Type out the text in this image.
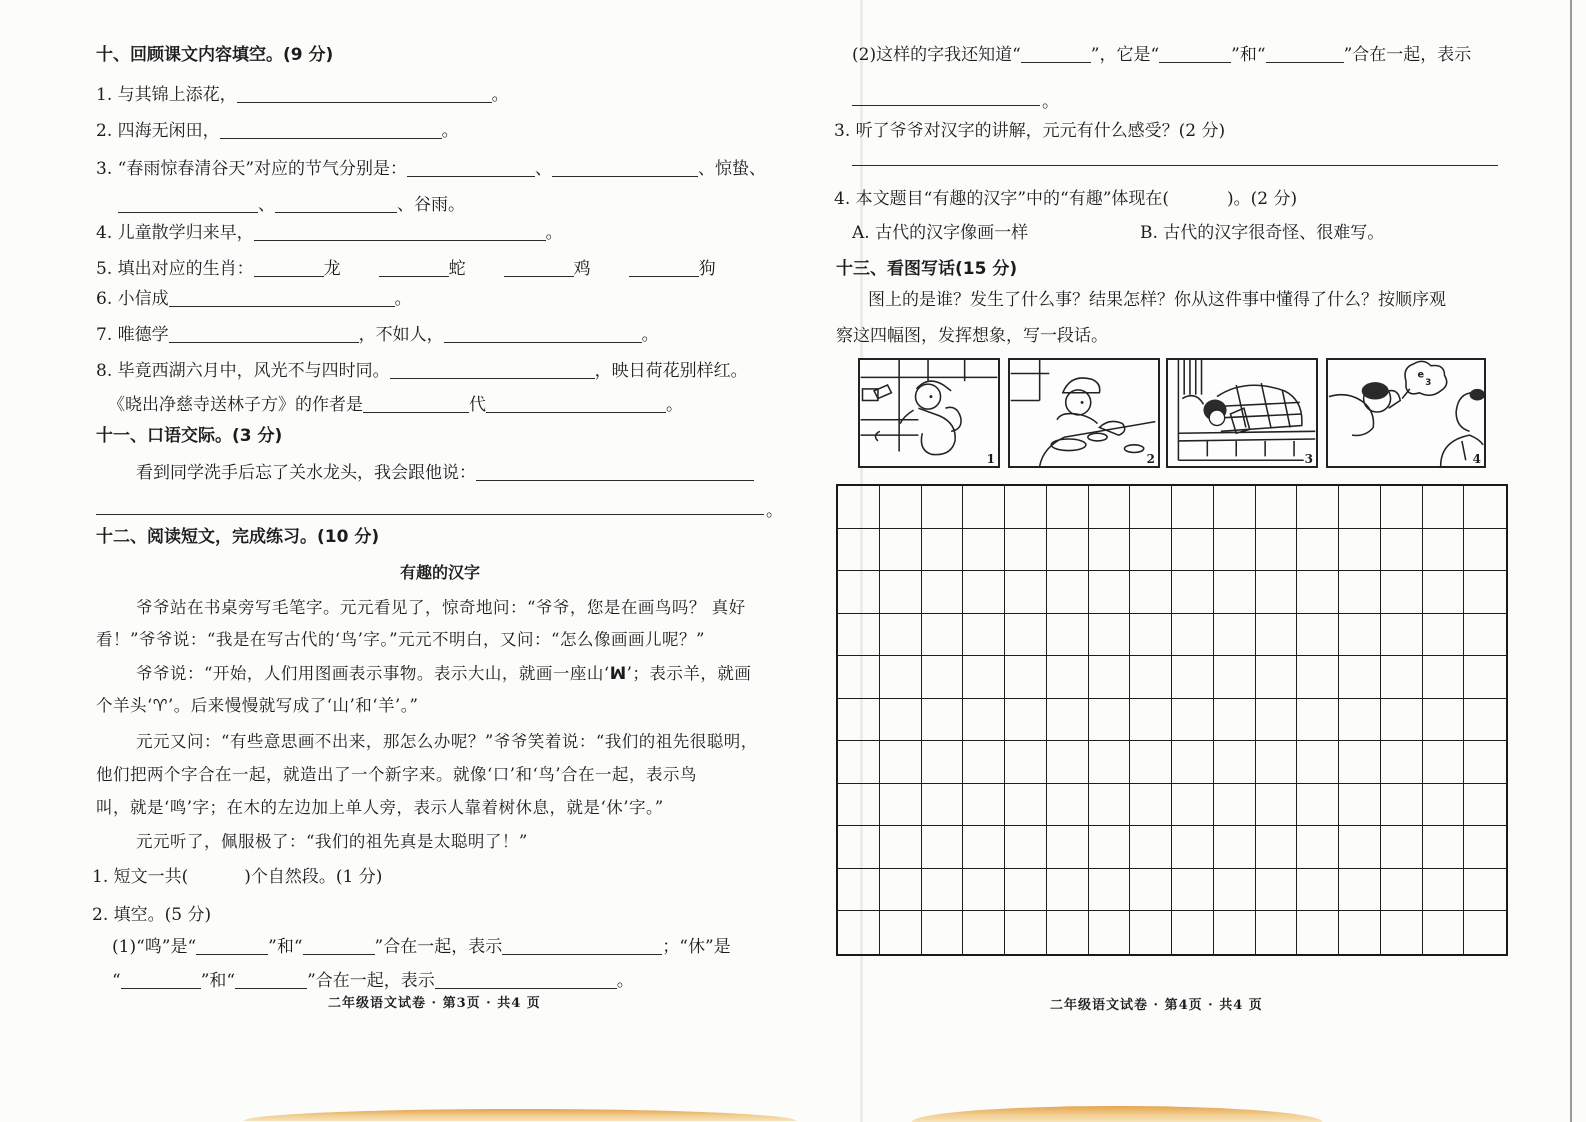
十、回顾课文内容填空。(9 分)
1. 与其锦上添花，	。
2. 四海无闲田，	。
3. “春雨惊春清谷天”对应的节气分别是：	、	、惊蛰、
、	、谷雨。
4. 儿童散学归来早，	。
5. 填出对应的生肖：	龙	蛇	鸡	狗
6. 小信成	。
7. 唯德学	，不如人，	。
8. 毕竟西湖六月中，风光不与四时同。	，映日荷花别样红。
《晓出净慈寺送林子方》的作者是	代	。
十一、口语交际。(3 分)
看到同学洗手后忘了关水龙头，我会跟他说：
。
十二、阅读短文，完成练习。(10 分)
有趣的汉字
爷爷站在书桌旁写毛笔字。元元看见了，惊奇地问：“爷爷，您是在画鸟吗？ 真好
看！”爷爷说：“我是在写古代的‘鸟’字。”元元不明白，又问：“怎么像画画儿呢？”
爷爷说：“开始，人们用图画表示事物。表示大山，就画一座山‘ꟽ’；表示羊，就画
个羊头‘♈’。后来慢慢就写成了‘山’和‘羊’。”
元元又问：“有些意思画不出来，那怎么办呢？”爷爷笑着说：“我们的祖先很聪明，
他们把两个字合在一起，就造出了一个新字来。就像‘口’和‘鸟’合在一起，表示鸟
叫，就是‘鸣’字；在木的左边加上单人旁，表示人靠着树休息，就是‘休’字。”
元元听了，佩服极了：“我们的祖先真是太聪明了！”
1. 短文一共(	)个自然段。(1 分)
2. 填空。(5 分)
(1)“鸣”是“	”和“	”合在一起，表示	；“休”是
“	”和“	”合在一起，表示	。
二年级语文试卷 · 第3页 · 共4 页
(2)这样的字我还知道“	”，它是“	”和“	”合在一起，表示
。
3. 听了爷爷对汉字的讲解，元元有什么感受？(2 分)
4. 本文题目“有趣的汉字”中的“有趣”体现在(	)。(2 分)
A. 古代的汉字像画一样	B. 古代的汉字很奇怪、很难写。
十三、看图写话(15 分)
图上的是谁？发生了什么事？结果怎样？你从这件事中懂得了什么？按顺序观
察这四幅图，发挥想象，写一段话。
1	2	3
e
3
4
二年级语文试卷 · 第4页 · 共4 页
